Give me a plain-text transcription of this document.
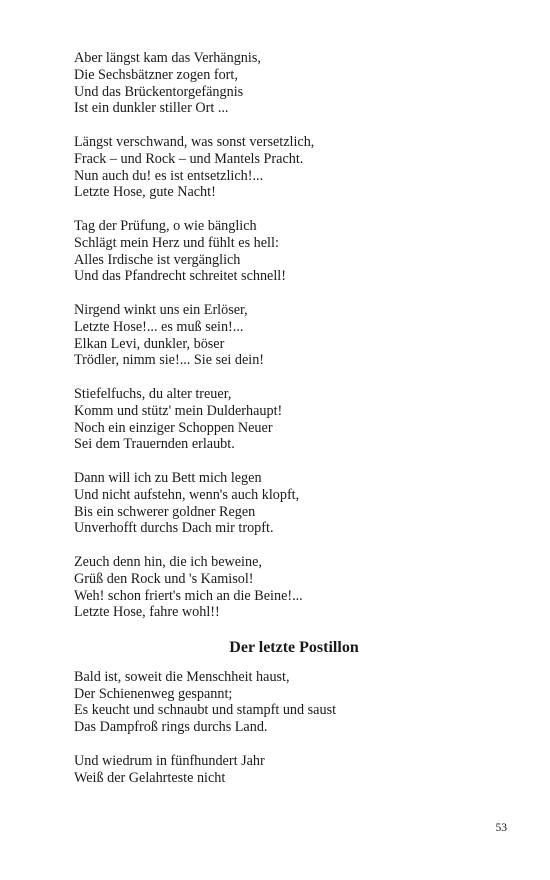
Aber längst kam das Verhängnis,
Die Sechsbätzner zogen fort,
Und das Brückentorgefängnis
Ist ein dunkler stiller Ort ...
Längst verschwand, was sonst versetzlich,
Frack – und Rock – und Mantels Pracht.
Nun auch du! es ist entsetzlich!...
Letzte Hose, gute Nacht!
Tag der Prüfung, o wie bänglich
Schlägt mein Herz und fühlt es hell:
Alles Irdische ist vergänglich
Und das Pfandrecht schreitet schnell!
Nirgend winkt uns ein Erlöser,
Letzte Hose!... es muß sein!...
Elkan Levi, dunkler, böser
Trödler, nimm sie!... Sie sei dein!
Stiefelfuchs, du alter treuer,
Komm und stütz' mein Dulderhaupt!
Noch ein einziger Schoppen Neuer
Sei dem Trauernden erlaubt.
Dann will ich zu Bett mich legen
Und nicht aufstehn, wenn's auch klopft,
Bis ein schwerer goldner Regen
Unverhofft durchs Dach mir tropft.
Zeuch denn hin, die ich beweine,
Grüß den Rock und 's Kamisol!
Weh! schon friert's mich an die Beine!...
Letzte Hose, fahre wohl!!
Der letzte Postillon
Bald ist, soweit die Menschheit haust,
Der Schienenweg gespannt;
Es keucht und schnaubt und stampft und saust
Das Dampfroß rings durchs Land.
Und wiedrum in fünfhundert Jahr
Weiß der Gelahrteste nicht
53
